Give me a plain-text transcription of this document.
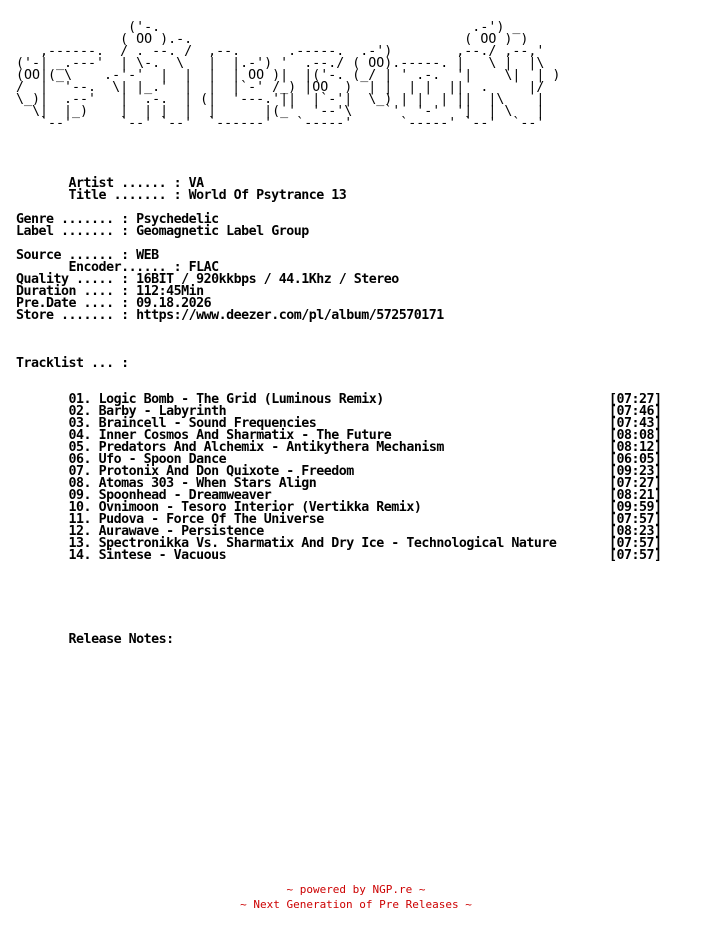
('-.                                       .-') _
( OO ).-.                                  ( OO ) )
,------.  / . --. /  ,--.      .-----.  .-')        ,--./ ,--,'
('-| _.---'  | \-.  \   |  |.-') '  .--./ ( OO).-----. |   \ |  |\
(OO|(_\    .-'-'  |  |  |  | OO )|  |('-. (_/ | ' .-.  '|    \|  | )
/  |  '--.  \| |_.'  |  |  |`-' /_) |OO  )  | |  | |  ||  .     |/
\_)|  .--'   |  .-.  | (|  '---.'||  |`-'|  \_) | |  | ||  |\    |
\|  |_)    |  | |  |  |      |(_'  '--'\    `'  '-'  '|  | \   |
`--'      `--' `--'  `------'   `-----'      `-----' `--'  `--'
Artist ...... : VA
Title ....... : World Of Psytrance 13
Genre ....... : Psychedelic
Label ....... : Geomagnetic Label Group
Source ...... : WEB
Encoder...... : FLAC
Quality ..... : 16BIT / 920kkbps / 44.1Khz / Stereo
Duration .... : 112:45Min
Pre.Date .... : 09.18.2026
Store ....... : https://www.deezer.com/pl/album/572570171
Tracklist ... :
01. Logic Bomb - The Grid (Luminous Remix)	[07:27]
02. Barby - Labyrinth	[07:46]
03. Braincell - Sound Frequencies	[07:43]
04. Inner Cosmos And Sharmatix - The Future	[08:08]
05. Predators And Alchemix - Antikythera Mechanism	[08:12]
06. Ufo - Spoon Dance	[06:05]
07. Protonix And Don Quixote - Freedom	[09:23]
08. Atomas 303 - When Stars Align	[07:27]
09. Spoonhead - Dreamweaver	[08:21]
10. Ovnimoon - Tesoro Interior (Vertikka Remix)	[09:59]
11. Pudova - Force Of The Universe	[07:57]
12. Aurawave - Persistence	[08:23]
13. Spectronikka Vs. Sharmatix And Dry Ice - Technological Nature	[07:57]
14. Sintese - Vacuous	[07:57]
Release Notes:

~ powered by NGP.re ~

~ Next Generation of Pre Releases ~
